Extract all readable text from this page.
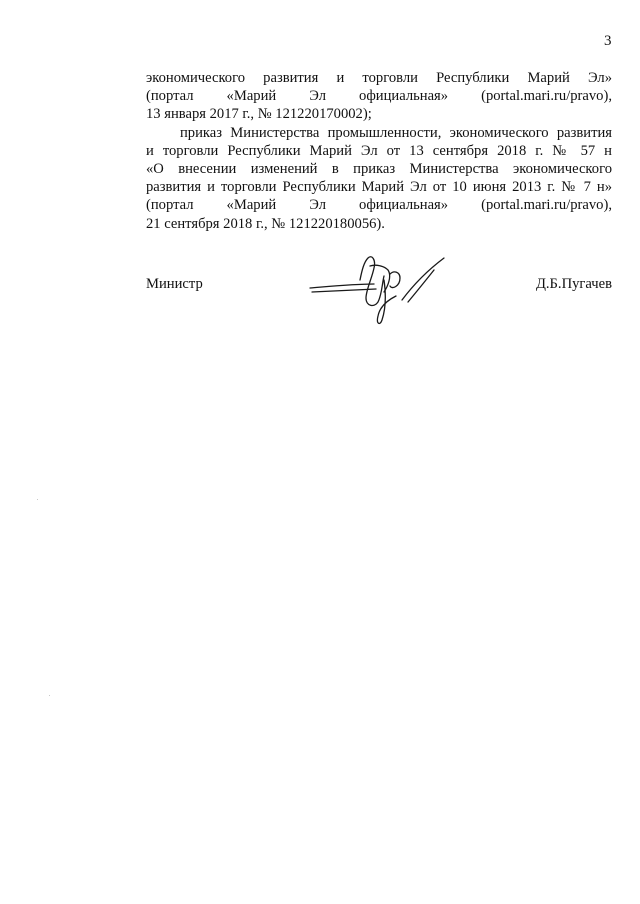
3

экономического развития и торговли Республики Марий Эл»
(портал «Марий Эл официальная» (portal.mari.ru/pravo),
13 января 2017 г., № 121220170002);

приказ Министерства промышленности, экономического развития
и торговли Республики Марий Эл от 13 сентября 2018 г. № 57 н
«О внесении изменений в приказ Министерства экономического
развития и торговли Республики Марий Эл от 10 июня 2013 г. № 7 н»
(портал «Марий Эл официальная» (portal.mari.ru/pravo),
21 сентября 2018 г., № 121220180056).

Министр	Д.Б.Пугачев
